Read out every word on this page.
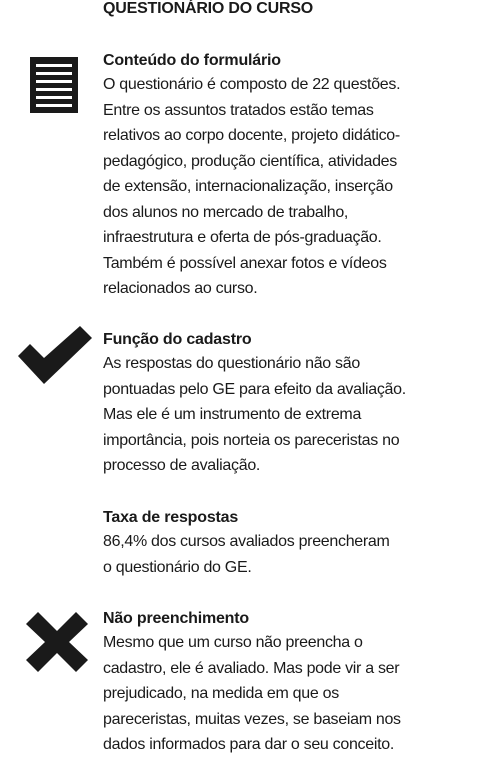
QUESTIONÁRIO DO CURSO
Conteúdo do formulário
O questionário é composto de 22 questões.
Entre os assuntos tratados estão temas
relativos ao corpo docente, projeto didático-
pedagógico, produção científica, atividades
de extensão, internacionalização, inserção
dos alunos no mercado de trabalho,
infraestrutura e oferta de pós-graduação.
Também é possível anexar fotos e vídeos
relacionados ao curso.
Função do cadastro
As respostas do questionário não são
pontuadas pelo GE para efeito da avaliação.
Mas ele é um instrumento de extrema
importância, pois norteia os pareceristas no
processo de avaliação.
Taxa de respostas
86,4% dos cursos avaliados preencheram
o questionário do GE.
Não preenchimento
Mesmo que um curso não preencha o
cadastro, ele é avaliado. Mas pode vir a ser
prejudicado, na medida em que os
pareceristas, muitas vezes, se baseiam nos
dados informados para dar o seu conceito.
